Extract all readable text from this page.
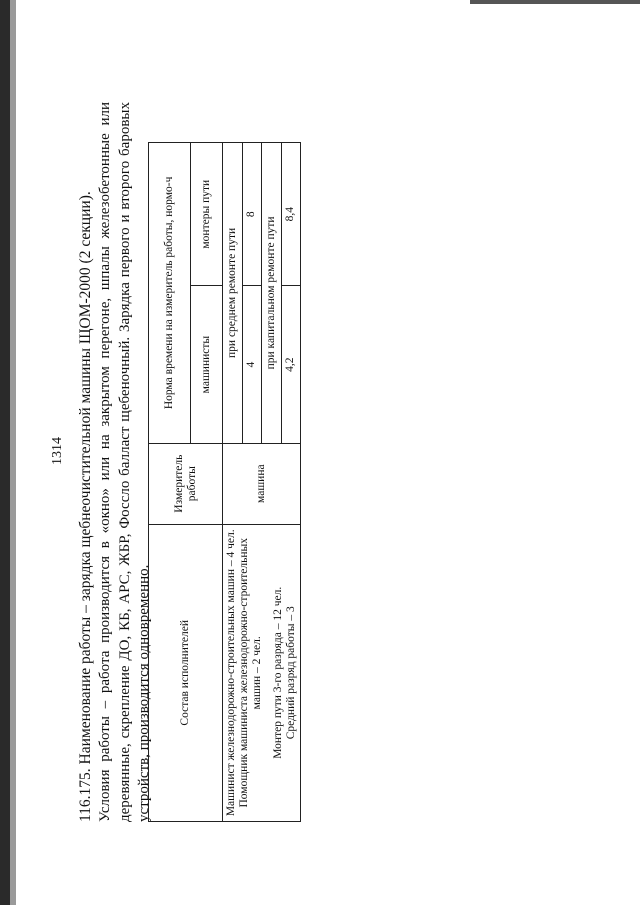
1314 116.175. Наименование работы – зарядка щебнеочистительной машины ЩОМ-2000 (2 секции). Условия работы – работа производится в «окно» или на закрытом перегоне, шпалы железобетонные или деревянные, скрепление ДО, КБ, АРС, ЖБР, Фоссло балласт щебеночный. Зарядка первого и второго баровых устройств, производится одновременно. Состав исполнителей	Измеритель работы	Норма времени на измеритель работы, нормо-ч	
		машинисты	монтеры пути

Машинист железнодорожно-строительных машин – 4 чел. Помощник машиниста железнодорожно-строительных машин – 2 чел. Монтер пути 3-го разряда – 12 чел. Средний разряд работы – 3	машина	при среднем ремонте пути	
		4	8
		при капитальном ремонте пути	
		4,2	8,4
